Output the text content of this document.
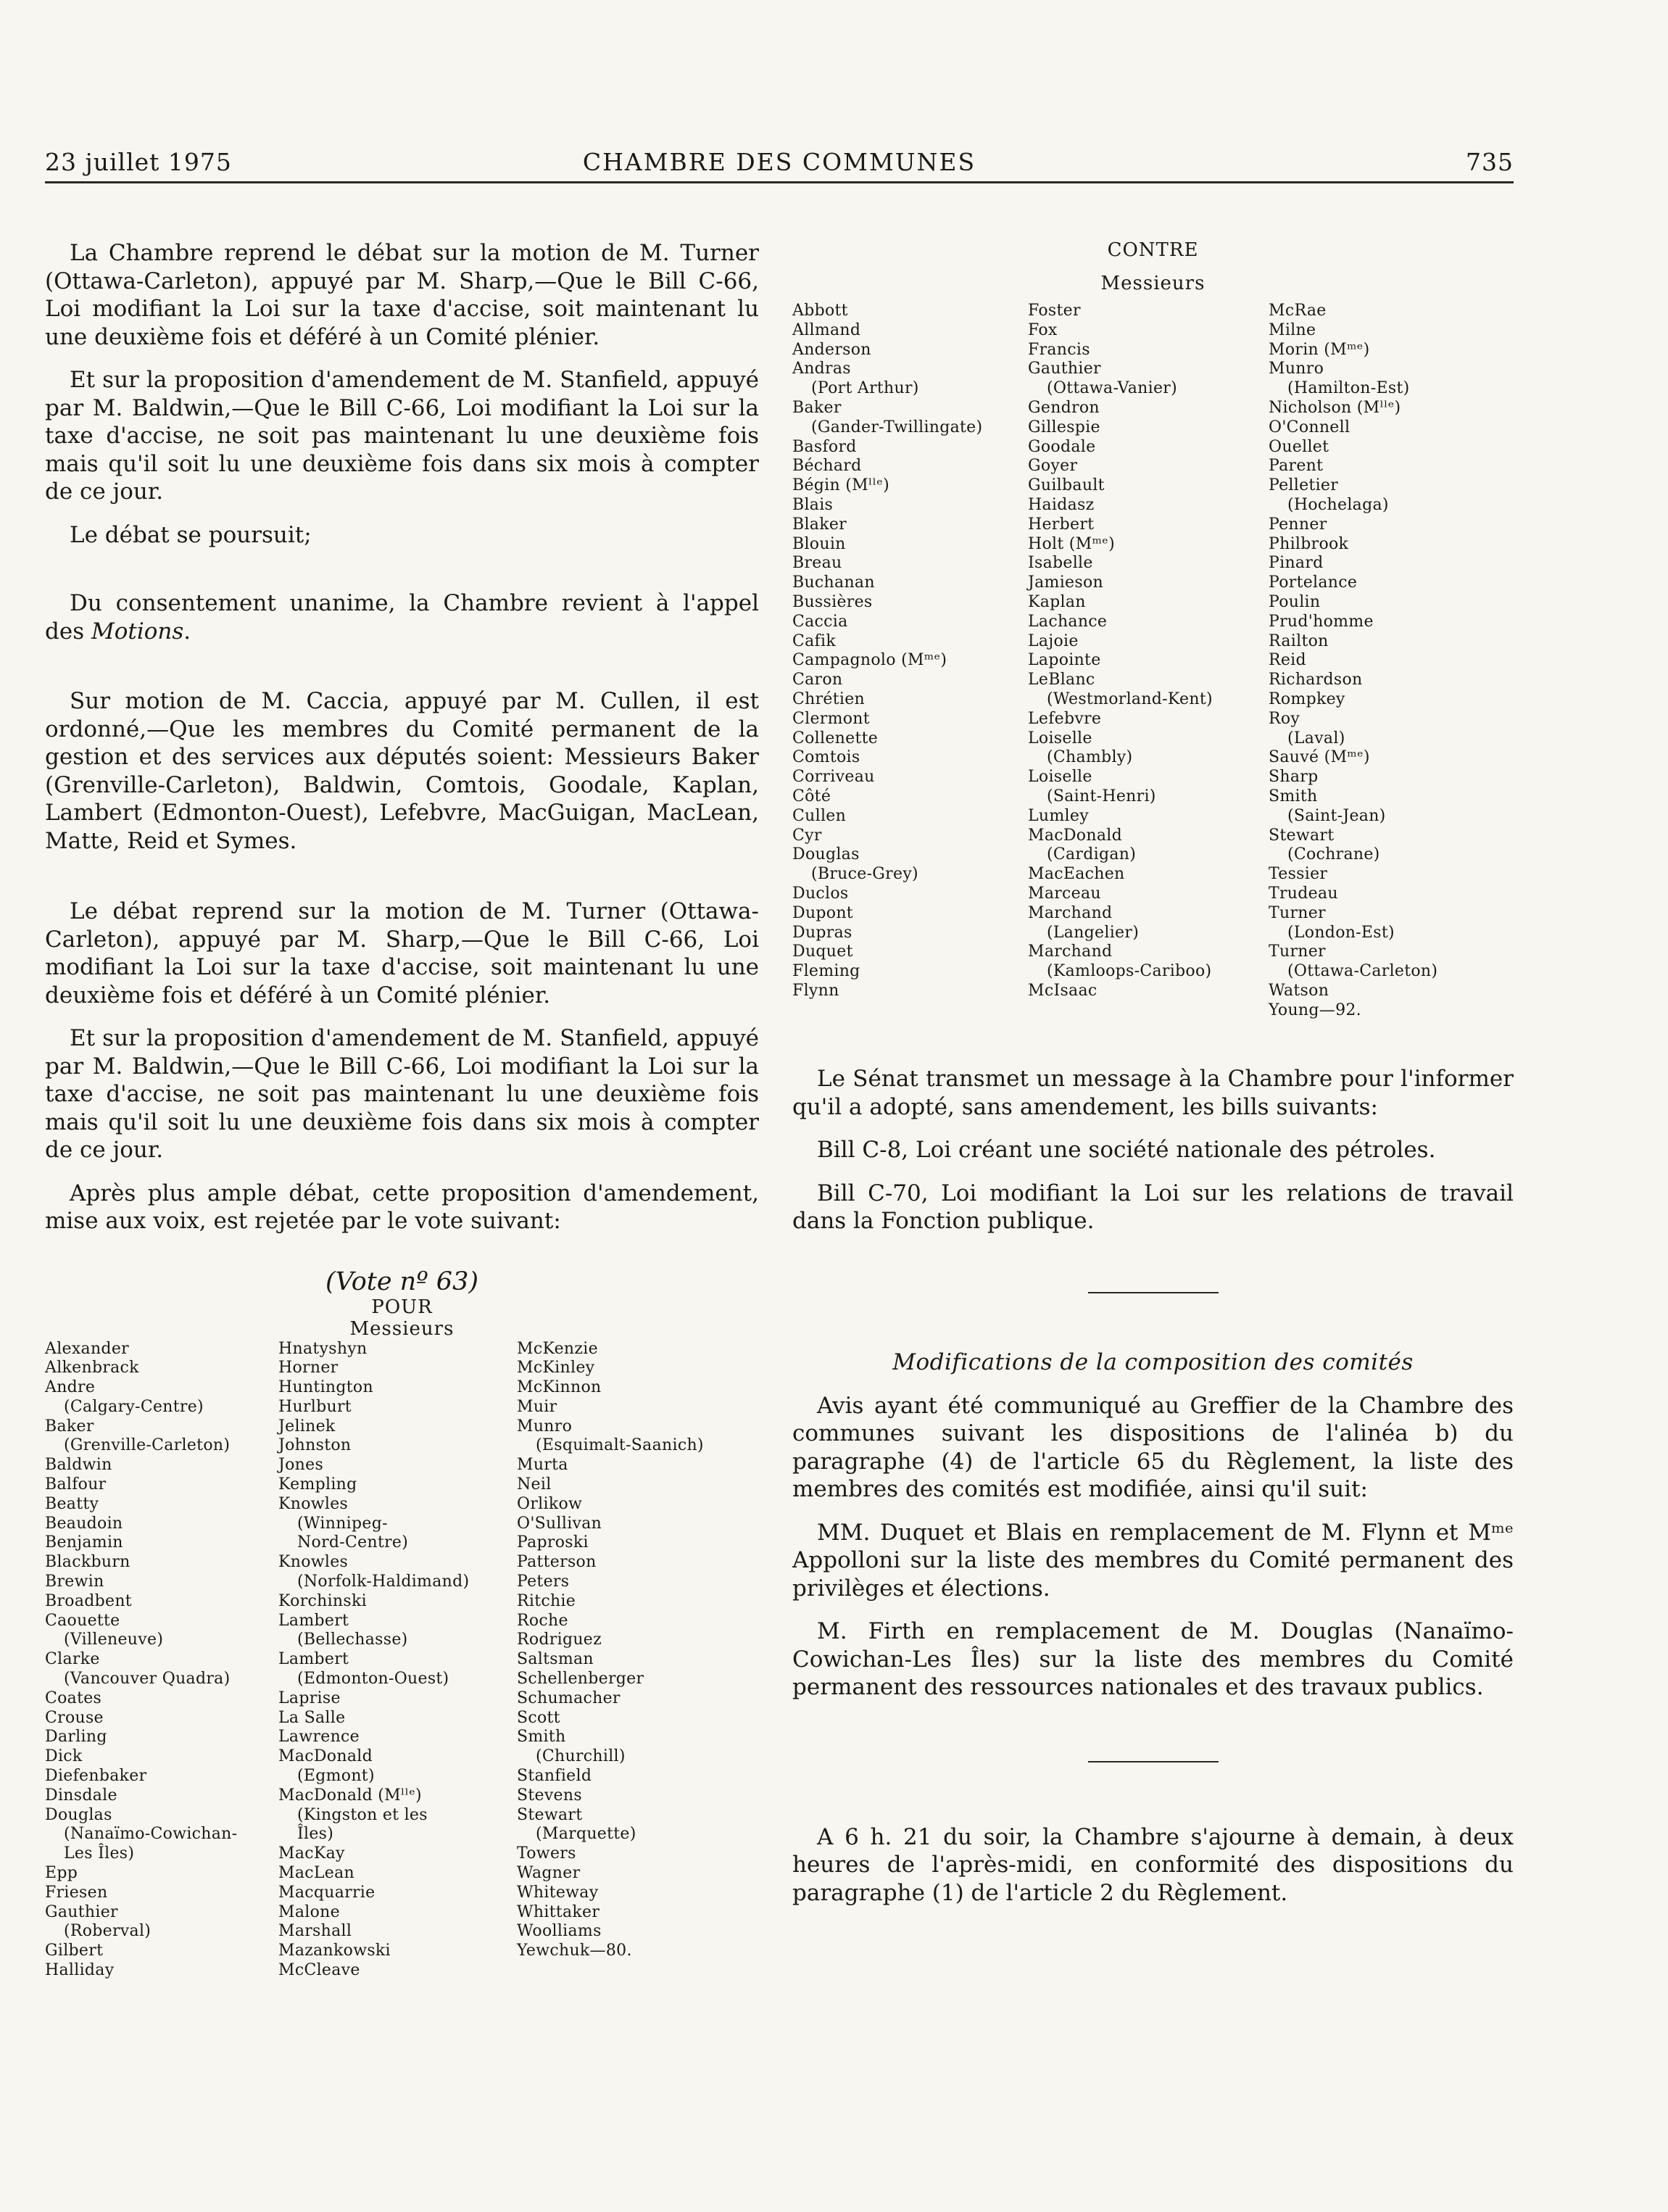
23 juillet 1975	CHAMBRE DES COMMUNES	735

La Chambre reprend le débat sur la motion de M. Turner (Ottawa-Carleton), appuyé par M. Sharp,—Que le Bill C-66, Loi modifiant la Loi sur la taxe d'accise, soit maintenant lu une deuxième fois et déféré à un Comité plénier.

Et sur la proposition d'amendement de M. Stanfield, appuyé par M. Baldwin,—Que le Bill C-66, Loi modifiant la Loi sur la taxe d'accise, ne soit pas maintenant lu une deuxième fois mais qu'il soit lu une deuxième fois dans six mois à compter de ce jour.

Le débat se poursuit;

Du consentement unanime, la Chambre revient à l'appel des Motions.

Sur motion de M. Caccia, appuyé par M. Cullen, il est ordonné,—Que les membres du Comité permanent de la gestion et des services aux députés soient: Messieurs Baker (Grenville-Carleton), Baldwin, Comtois, Goodale, Kaplan, Lambert (Edmonton-Ouest), Lefebvre, MacGuigan, MacLean, Matte, Reid et Symes.

Le débat reprend sur la motion de M. Turner (Ottawa-Carleton), appuyé par M. Sharp,—Que le Bill C-66, Loi modifiant la Loi sur la taxe d'accise, soit maintenant lu une deuxième fois et déféré à un Comité plénier.

Et sur la proposition d'amendement de M. Stanfield, appuyé par M. Baldwin,—Que le Bill C-66, Loi modifiant la Loi sur la taxe d'accise, ne soit pas maintenant lu une deuxième fois mais qu'il soit lu une deuxième fois dans six mois à compter de ce jour.

Après plus ample débat, cette proposition d'amendement, mise aux voix, est rejetée par le vote suivant:

(Vote nº 63)
POUR
Messieurs
Alexander
Alkenbrack
Andre
(Calgary-Centre)
Baker
(Grenville-Carleton)
Baldwin
Balfour
Beatty
Beaudoin
Benjamin
Blackburn
Brewin
Broadbent
Caouette
(Villeneuve)
Clarke
(Vancouver Quadra)
Coates
Crouse
Darling
Dick
Diefenbaker
Dinsdale
Douglas
(Nanaïmo-Cowichan-
Les Îles)
Epp
Friesen
Gauthier
(Roberval)
Gilbert
Halliday
Hnatyshyn
Horner
Huntington
Hurlburt
Jelinek
Johnston
Jones
Kempling
Knowles
(Winnipeg-
Nord-Centre)
Knowles
(Norfolk-Haldimand)
Korchinski
Lambert
(Bellechasse)
Lambert
(Edmonton-Ouest)
Laprise
La Salle
Lawrence
MacDonald
(Egmont)
MacDonald (Mˡˡᵉ)
(Kingston et les
Îles)
MacKay
MacLean
Macquarrie
Malone
Marshall
Mazankowski
McCleave
McKenzie
McKinley
McKinnon
Muir
Munro
(Esquimalt-Saanich)
Murta
Neil
Orlikow
O'Sullivan
Paproski
Patterson
Peters
Ritchie
Roche
Rodriguez
Saltsman
Schellenberger
Schumacher
Scott
Smith
(Churchill)
Stanfield
Stevens
Stewart
(Marquette)
Towers
Wagner
Whiteway
Whittaker
Woolliams
Yewchuk—80.
CONTRE
Messieurs
Abbott
Allmand
Anderson
Andras
(Port Arthur)
Baker
(Gander-Twillingate)
Basford
Béchard
Bégin (Mˡˡᵉ)
Blais
Blaker
Blouin
Breau
Buchanan
Bussières
Caccia
Cafik
Campagnolo (Mᵐᵉ)
Caron
Chrétien
Clermont
Collenette
Comtois
Corriveau
Côté
Cullen
Cyr
Douglas
(Bruce-Grey)
Duclos
Dupont
Dupras
Duquet
Fleming
Flynn
Foster
Fox
Francis
Gauthier
(Ottawa-Vanier)
Gendron
Gillespie
Goodale
Goyer
Guilbault
Haidasz
Herbert
Holt (Mᵐᵉ)
Isabelle
Jamieson
Kaplan
Lachance
Lajoie
Lapointe
LeBlanc
(Westmorland-Kent)
Lefebvre
Loiselle
(Chambly)
Loiselle
(Saint-Henri)
Lumley
MacDonald
(Cardigan)
MacEachen
Marceau
Marchand
(Langelier)
Marchand
(Kamloops-Cariboo)
McIsaac
McRae
Milne
Morin (Mᵐᵉ)
Munro
(Hamilton-Est)
Nicholson (Mˡˡᵉ)
O'Connell
Ouellet
Parent
Pelletier
(Hochelaga)
Penner
Philbrook
Pinard
Portelance
Poulin
Prud'homme
Railton
Reid
Richardson
Rompkey
Roy
(Laval)
Sauvé (Mᵐᵉ)
Sharp
Smith
(Saint-Jean)
Stewart
(Cochrane)
Tessier
Trudeau
Turner
(London-Est)
Turner
(Ottawa-Carleton)
Watson
Young—92.

Le Sénat transmet un message à la Chambre pour l'informer qu'il a adopté, sans amendement, les bills suivants:

Bill C-8, Loi créant une société nationale des pétroles.

Bill C-70, Loi modifiant la Loi sur les relations de travail dans la Fonction publique.

Modifications de la composition des comités

Avis ayant été communiqué au Greffier de la Chambre des communes suivant les dispositions de l'alinéa b) du paragraphe (4) de l'article 65 du Règlement, la liste des membres des comités est modifiée, ainsi qu'il suit:

MM. Duquet et Blais en remplacement de M. Flynn et Mᵐᵉ Appolloni sur la liste des membres du Comité permanent des privilèges et élections.

M. Firth en remplacement de M. Douglas (Nanaïmo-Cowichan-Les Îles) sur la liste des membres du Comité permanent des ressources nationales et des travaux publics.

A 6 h. 21 du soir, la Chambre s'ajourne à demain, à deux heures de l'après-midi, en conformité des dispositions du paragraphe (1) de l'article 2 du Règlement.
